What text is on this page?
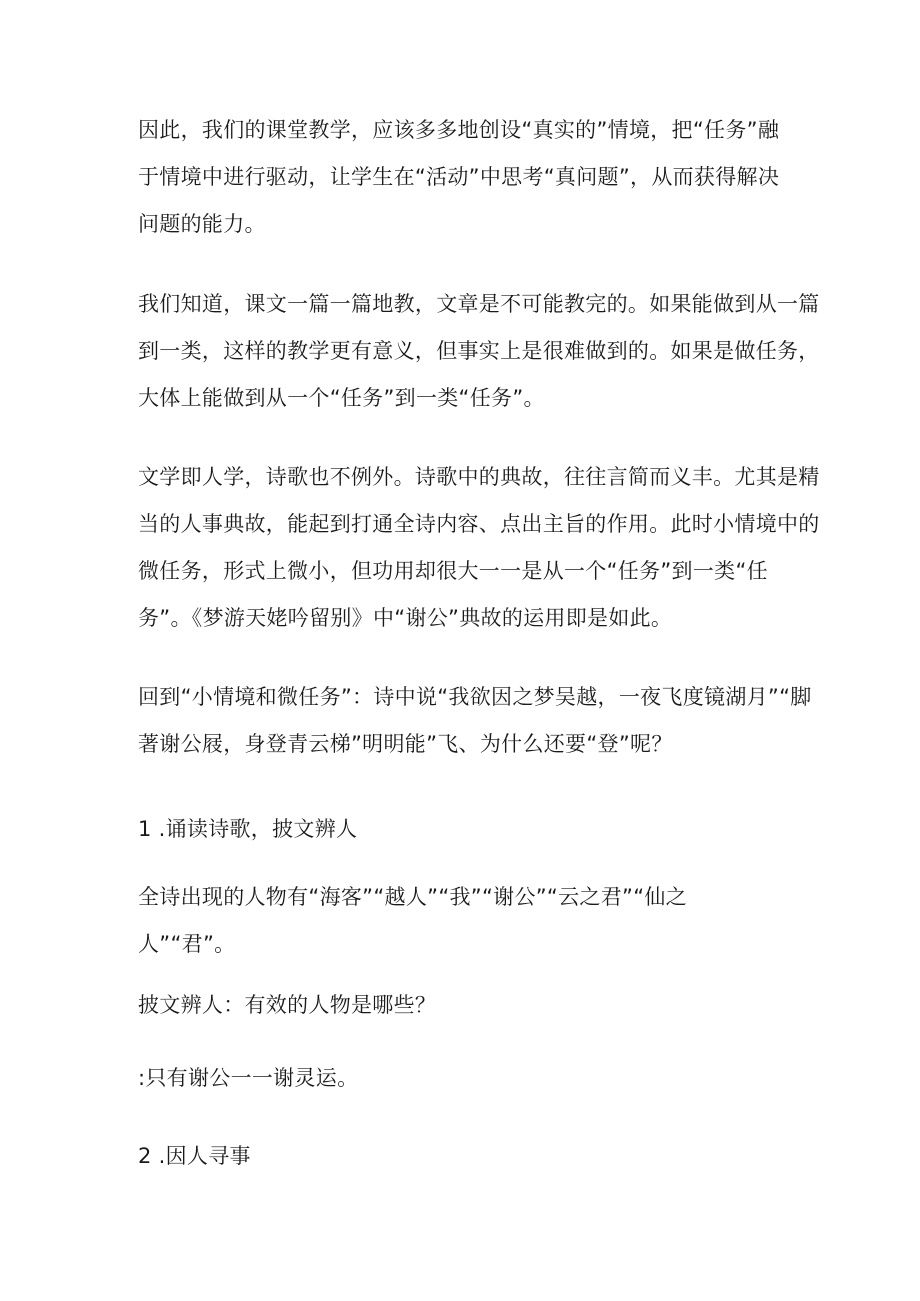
因此，我们的课堂教学，应该多多地创设“真实的”情境，把“任务”融
于情境中进行驱动，让学生在“活动”中思考“真问题”，从而获得解决
问题的能力。
我们知道，课文一篇一篇地教，文章是不可能教完的。如果能做到从一篇
到一类，这样的教学更有意义，但事实上是很难做到的。如果是做任务，
大体上能做到从一个“任务”到一类“任务”。
文学即人学，诗歌也不例外。诗歌中的典故，往往言简而义丰。尤其是精
当的人事典故，能起到打通全诗内容、点出主旨的作用。此时小情境中的
微任务，形式上微小，但功用却很大一一是从一个“任务”到一类“任
务”。《梦游天姥吟留别》中“谢公”典故的运用即是如此。
回到“小情境和微任务”：诗中说“我欲因之梦吴越，一夜飞度镜湖月”“脚
著谢公屐，身登青云梯”明明能”飞、为什么还要“登”呢？
1 .诵读诗歌，披文辨人
全诗出现的人物有“海客”“越人”“我”“谢公”“云之君”“仙之
人”“君”。
披文辨人：有效的人物是哪些？
:只有谢公一一谢灵运。
2 .因人寻事
